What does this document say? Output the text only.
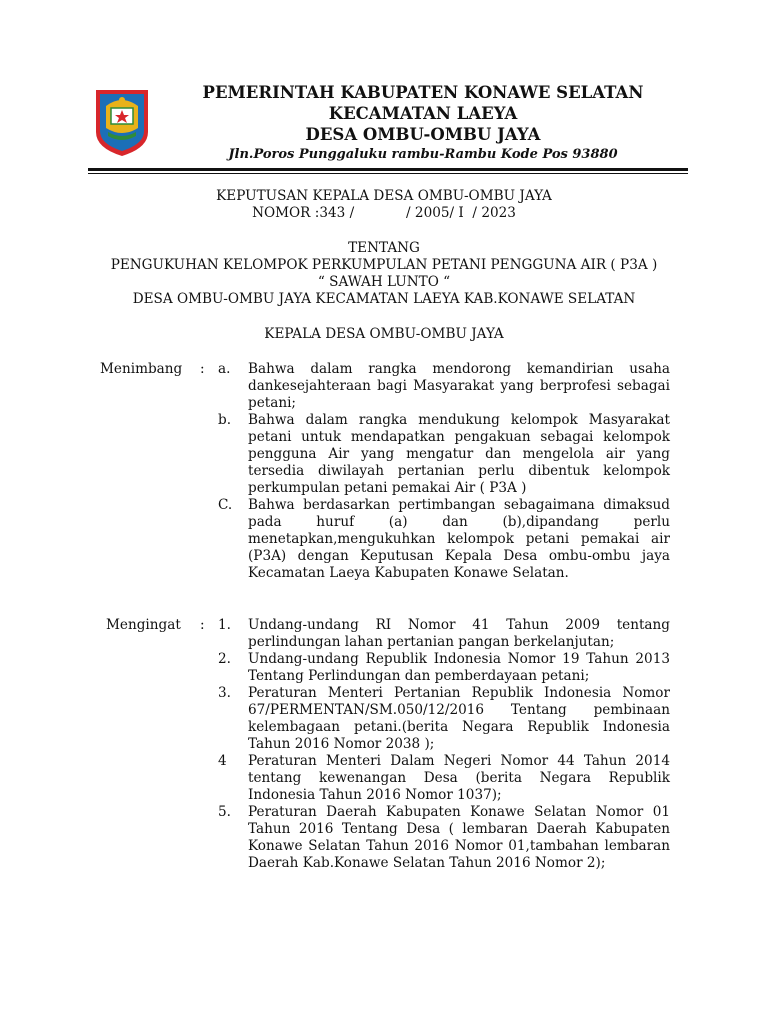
PEMERINTAH KABUPATEN KONAWE SELATAN

KECAMATAN LAEYA

DESA OMBU-OMBU JAYA

Jln.Poros Punggaluku rambu-Rambu Kode Pos 93880

KEPUTUSAN KEPALA DESA OMBU-OMBU JAYA
NOMOR :343 /            / 2005/ I  / 2023
TENTANG
PENGUKUHAN KELOMPOK PERKUMPULAN PETANI PENGGUNA AIR ( P3A )
“ SAWAH LUNTO “
DESA OMBU-OMBU JAYA KECAMATAN LAEYA KAB.KONAWE SELATAN
KEPALA DESA OMBU-OMBU JAYA
Menimbang : a.	Bahwa dalam rangka mendorong kemandirian usaha dankesejahteraan bagi Masyarakat yang berprofesi sebagai petani;
b.	Bahwa dalam rangka mendukung kelompok Masyarakat petani untuk mendapatkan pengakuan sebagai kelompok pengguna Air yang mengatur dan mengelola air yang tersedia diwilayah pertanian perlu dibentuk kelompok perkumpulan petani pemakai Air ( P3A )
C.	Bahwa berdasarkan pertimbangan sebagaimana dimaksud pada huruf (a) dan (b),dipandang perlu menetapkan,mengukuhkan kelompok petani pemakai air (P3A) dengan Keputusan Kepala Desa ombu-ombu jaya Kecamatan Laeya Kabupaten Konawe Selatan.
Mengingat : 1.	Undang-undang RI Nomor 41 Tahun 2009 tentang perlindungan lahan pertanian pangan berkelanjutan;
2.	Undang-undang Republik Indonesia Nomor 19 Tahun 2013 Tentang Perlindungan dan pemberdayaan petani;
3.	Peraturan Menteri Pertanian Republik Indonesia Nomor 67/PERMENTAN/SM.050/12/2016 Tentang pembinaan kelembagaan petani.(berita Negara Republik Indonesia Tahun 2016 Nomor 2038 );
4	Peraturan Menteri Dalam Negeri Nomor 44 Tahun 2014 tentang kewenangan Desa (berita Negara Republik Indonesia Tahun 2016 Nomor 1037);
5.	Peraturan Daerah Kabupaten Konawe Selatan Nomor 01 Tahun 2016 Tentang Desa ( lembaran Daerah Kabupaten Konawe Selatan Tahun 2016 Nomor 01,tambahan lembaran Daerah Kab.Konawe Selatan Tahun 2016 Nomor 2);
